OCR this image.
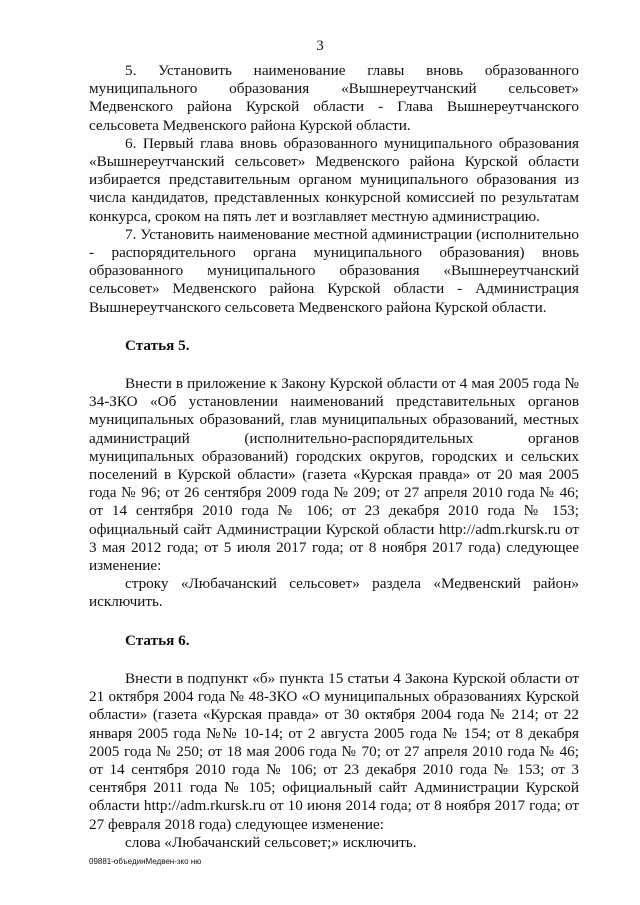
3

5. Установить наименование главы вновь образованного муниципального образования «Вышнереутчанский сельсовет» Медвенского района Курской области - Глава Вышнереутчанского сельсовета Медвенского района Курской области.

6. Первый глава вновь образованного муниципального образования «Вышнереутчанский сельсовет» Медвенского района Курской области избирается представительным органом муниципального образования из числа кандидатов, представленных конкурсной комиссией по результатам конкурса, сроком на пять лет и возглавляет местную администрацию.

7. Установить наименование местной администрации (исполнительно - распорядительного органа муниципального образования) вновь образованного муниципального образования «Вышнереутчанский сельсовет» Медвенского района Курской области - Администрация Вышнереутчанского сельсовета Медвенского района Курской области.

Статья 5.

Внести в приложение к Закону Курской области от 4 мая 2005 года № 34-ЗКО «Об установлении наименований представительных органов муниципальных образований, глав муниципальных образований, местных администраций (исполнительно-распорядительных органов муниципальных образований) городских округов, городских и сельских поселений в Курской области» (газета «Курская правда» от 20 мая 2005 года № 96; от 26 сентября 2009 года № 209; от 27 апреля 2010 года № 46; от 14 сентября 2010 года № 106; от 23 декабря 2010 года № 153; официальный сайт Администрации Курской области http://adm.rkursk.ru от 3 мая 2012 года; от 5 июля 2017 года; от 8 ноября 2017 года) следующее изменение:

строку «Любачанский сельсовет» раздела «Медвенский район» исключить.

Статья 6.

Внести в подпункт «б» пункта 15 статьи 4 Закона Курской области от 21 октября 2004 года № 48-ЗКО «О муниципальных образованиях Курской области» (газета «Курская правда» от 30 октября 2004 года № 214; от 22 января 2005 года №№ 10-14; от 2 августа 2005 года № 154; от 8 декабря 2005 года № 250; от 18 мая 2006 года № 70; от 27 апреля 2010 года № 46; от 14 сентября 2010 года № 106; от 23 декабря 2010 года № 153; от 3 сентября 2011 года № 105; официальный сайт Администрации Курской области http://adm.rkursk.ru от 10 июня 2014 года; от 8 ноября 2017 года; от 27 февраля 2018 года) следующее изменение:

слова «Любачанский сельсовет;» исключить.

09881-объединМедвен-зко ню
